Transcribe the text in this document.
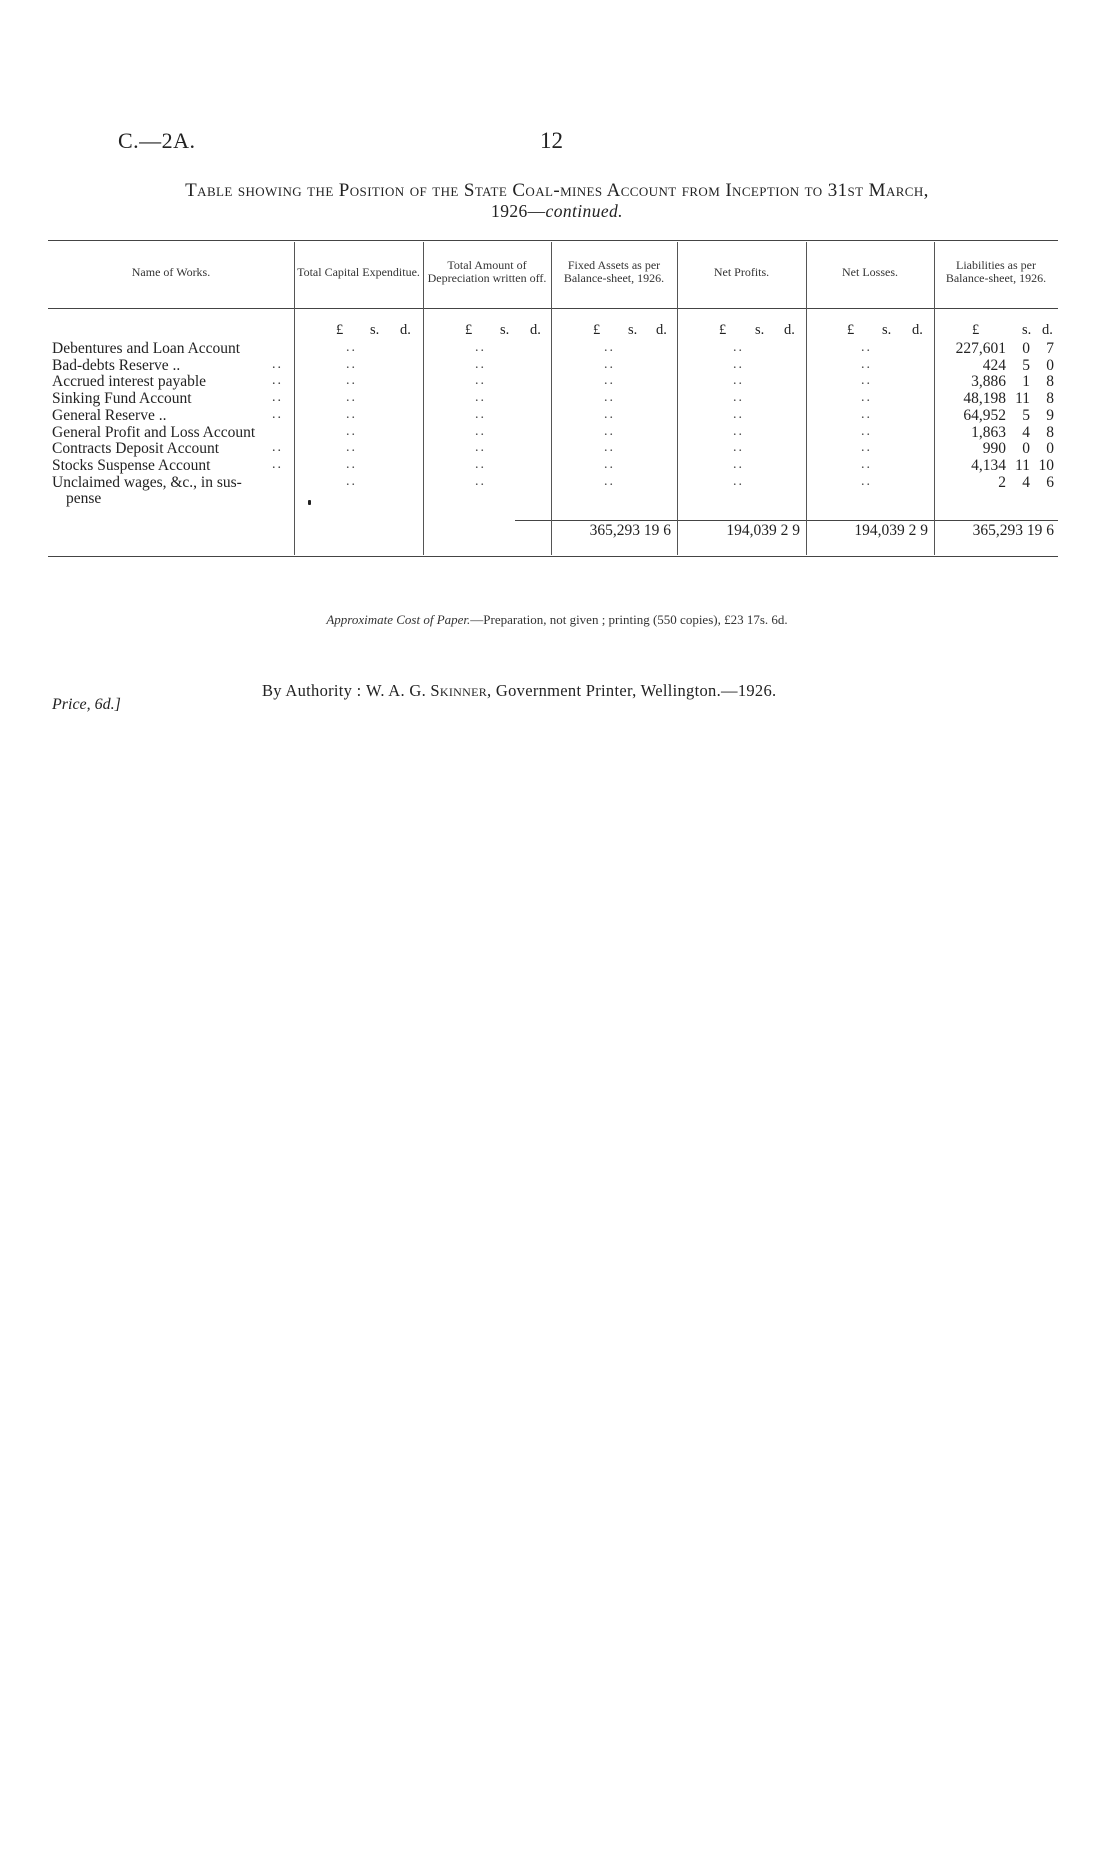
C.—2A.	12
Table showing the Position of the State Coal-mines Account from Inception to 31st March,
1926—continued.
Name of Works.	Total Capital Expenditue.	Total Amount of Depreciation written off.
Fixed Assets as per Balance-sheet, 1926.	Net Profits.	Net Losses.	Liabilities as per Balance-sheet, 1926.
£ s. d.	£ s. d.	£ s. d.	£ s. d.	£ s. d.	£	s. d.
Debentures and Loan Account	..	..	..	..	..	227,601	0	7
Bad-debts Reserve ..	..	..	..	..	..	..	424	5	0
Accrued interest payable	..	..	..	..	..	..	3,886	1	8
Sinking Fund Account	..	..	..	..	..	..	48,198 11	8
General Reserve ..	..	..	..	..	..	..	64,952	5	9
General Profit and Loss Account	..	..	..	..	..	1,863	4	8
Contracts Deposit Account	..	..	..	..	..	..	990	0	0
Stocks Suspense Account	..	..	..	..	..	..	4,134 11 10
Unclaimed wages, &c., in sus-	..	..	..	..	..	2	4	6
pense
365,293 19 6	194,039 2 9	194,039 2 9	365,293 19 6
Approximate Cost of Paper.—Preparation, not given ; printing (550 copies), £23 17s. 6d.
By Authority : W. A. G. Skinner, Government Printer, Wellington.—1926.
Price, 6d.]
